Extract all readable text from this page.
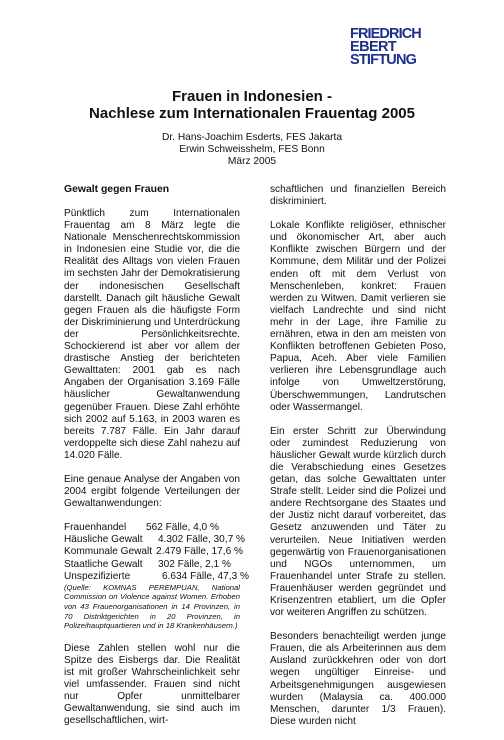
FRIEDRICH
EBERT
STIFTUNG
Frauen in Indonesien -
Nachlese zum Internationalen Frauentag 2005
Dr. Hans-Joachim Esderts, FES Jakarta
Erwin Schweisshelm, FES Bonn
März 2005
Gewalt gegen Frauen

Pünktlich zum Internationalen Frauentag am 8 März legte die Nationale Menschenrechtskommission in Indonesien eine Studie vor, die die Realität des Alltags von vielen Frauen im sechsten Jahr der Demokratisierung der indonesischen Gesellschaft darstellt. Danach gilt häusliche Gewalt gegen Frauen als die häufigste Form der Diskriminierung und Unterdrückung der Persönlichkeitsrechte. Schockierend ist aber vor allem der drastische Anstieg der berichteten Gewalttaten: 2001 gab es nach Angaben der Organisation 3.169 Fälle häuslicher Gewaltanwendung gegenüber Frauen. Diese Zahl erhöhte sich 2002 auf 5.163, in 2003 waren es bereits 7.787 Fälle. Ein Jahr darauf verdoppelte sich diese Zahl nahezu auf 14.020 Fälle.

Eine genaue Analyse der Angaben von 2004 ergibt folgende Verteilungen der Gewaltanwendungen:

Frauenhandel 562 Fälle, 4,0 %
Häusliche Gewalt 4.302 Fälle, 30,7 %
Kommunale Gewalt 2.479 Fälle, 17,6 %
Staatliche Gewalt 302 Fälle, 2,1 %
Unspezifizierte	6.634 Fälle, 47,3 %

(Quelle: KOMNAS PEREMPUAN, National Commission on Violence against Women. Erhoben von 43 Frauenorganisationen in 14 Provinzen, in 70 Distriktgerichten in 20 Provinzen, in Polizeihauptquartieren und in 18 Krankenhäusern.)

Diese Zahlen stellen wohl nur die Spitze des Eisbergs dar. Die Realität ist mit großer Wahrscheinlichkeit sehr viel umfassender. Frauen sind nicht nur Opfer unmittelbarer Gewaltanwendung, sie sind auch im gesellschaftlichen, wirt-

schaftlichen und finanziellen Bereich diskriminiert.

Lokale Konflikte religiöser, ethnischer und ökonomischer Art, aber auch Konflikte zwischen Bürgern und der Kommune, dem Militär und der Polizei enden oft mit dem Verlust von Menschenleben, konkret: Frauen werden zu Witwen. Damit verlieren sie vielfach Landrechte und sind nicht mehr in der Lage, ihre Familie zu ernähren, etwa in den am meisten von Konflikten betroffenen Gebieten Poso, Papua, Aceh. Aber viele Familien verlieren ihre Lebensgrundlage auch infolge von Umweltzerstörung, Überschwemmungen, Landrutschen oder Wassermangel.

Ein erster Schritt zur Überwindung oder zumindest Reduzierung von häuslicher Gewalt wurde kürzlich durch die Verabschiedung eines Gesetzes getan, das solche Gewalttaten unter Strafe stellt. Leider sind die Polizei und andere Rechtsorgane des Staates und der Justiz nicht darauf vorbereitet, das Gesetz anzuwenden und Täter zu verurteilen. Neue Initiativen werden gegenwärtig von Frauenorganisationen und NGOs unternommen, um Frauenhandel unter Strafe zu stellen. Frauenhäuser werden gegründet und Krisenzentren etabliert, um die Opfer vor weiteren Angriffen zu schützen.

Besonders benachteiligt werden junge Frauen, die als Arbeiterinnen aus dem Ausland zurückkehren oder von dort wegen ungültiger Einreise- und Arbeitsgenehmigungen ausgewiesen wurden (Malaysia ca. 400.000 Menschen, darunter 1/3 Frauen). Diese wurden nicht
